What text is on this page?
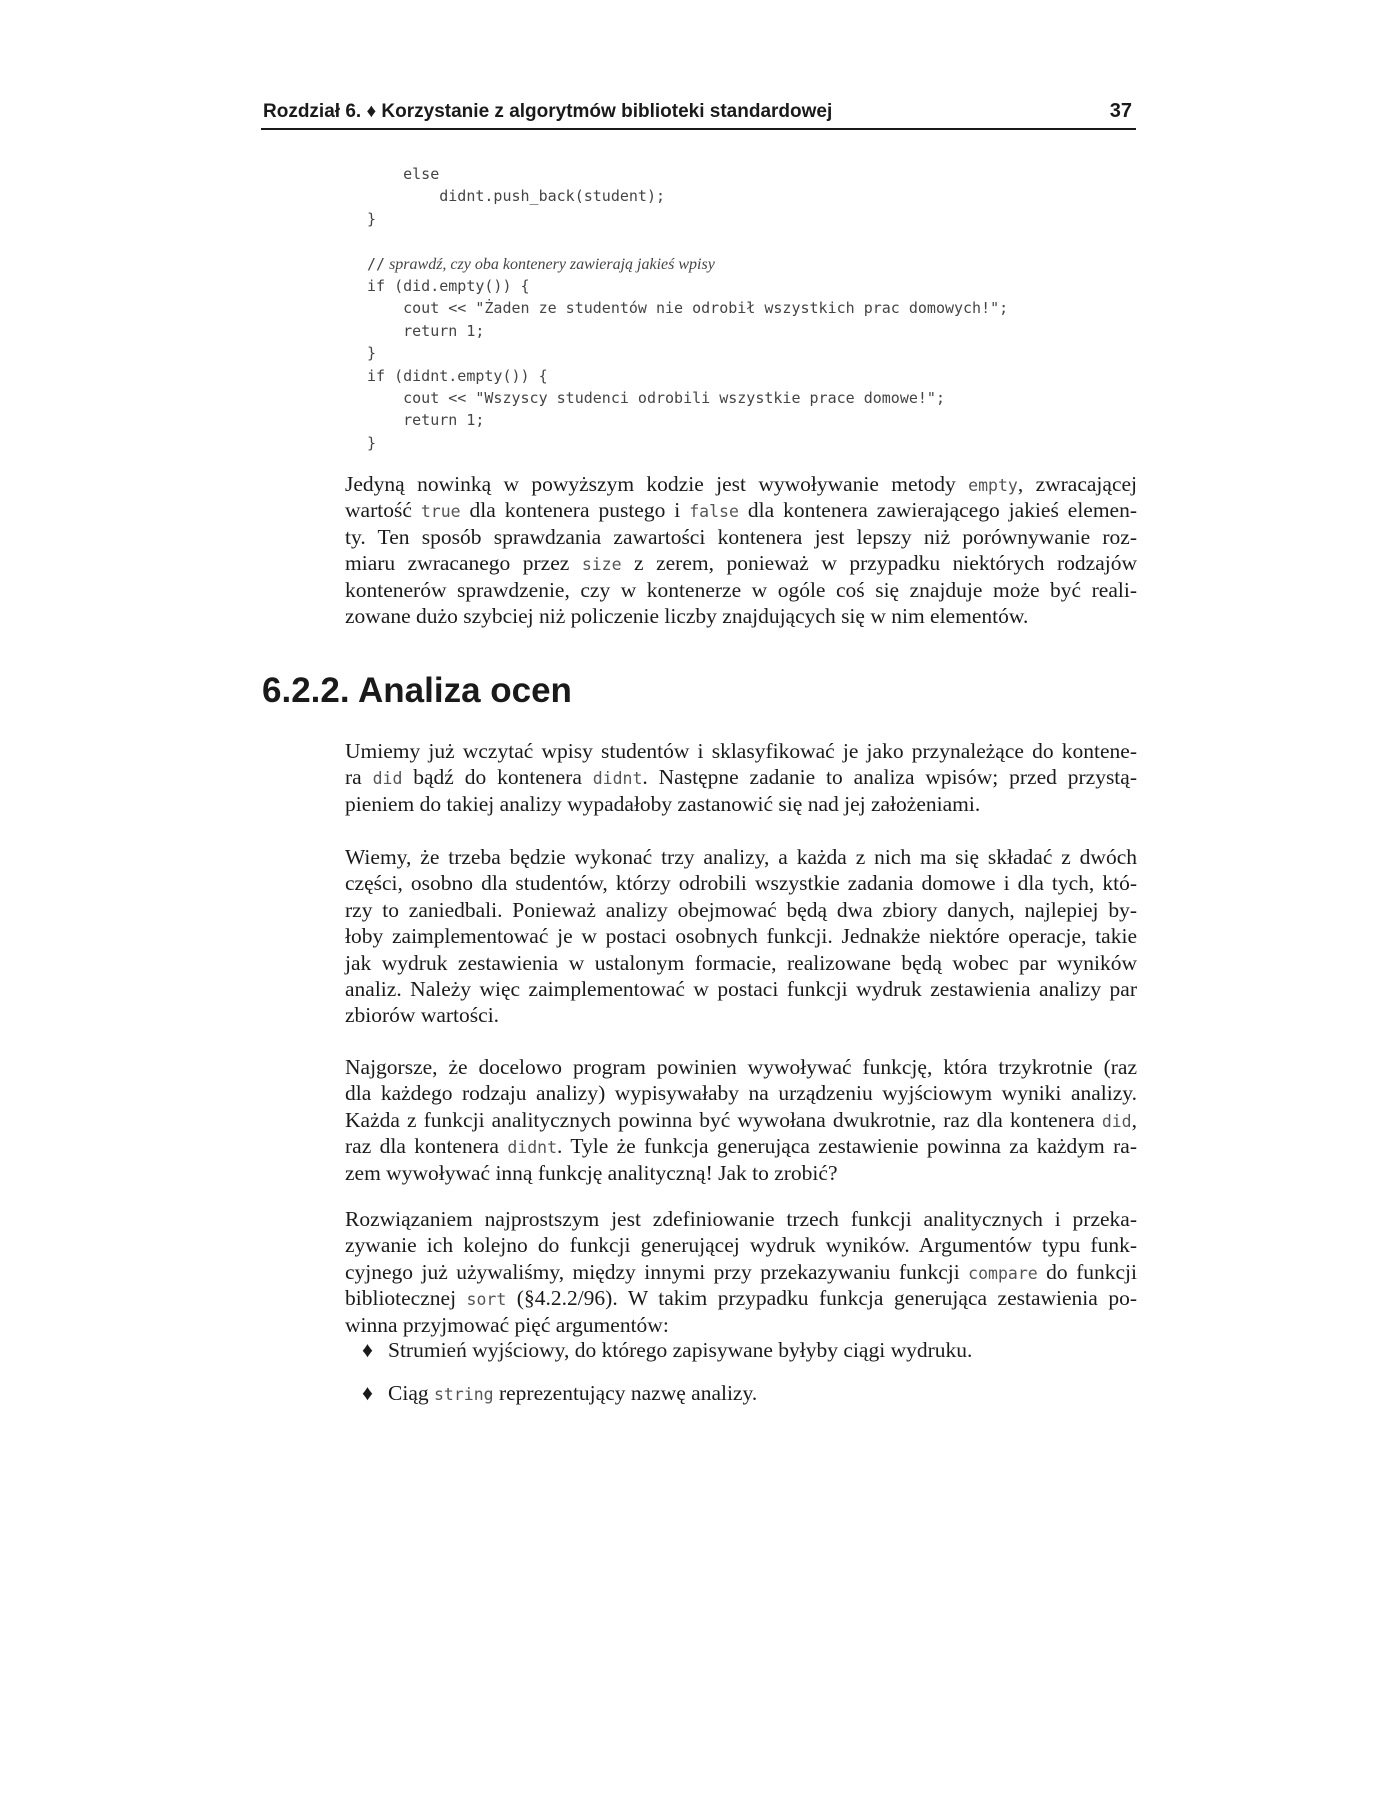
Rozdział 6. ♦ Korzystanie z algorytmów biblioteki standardowej	37
else
didnt.push_back(student);
}
// sprawdź, czy oba kontenery zawierają jakieś wpisy
if (did.empty()) {
cout << "Żaden ze studentów nie odrobił wszystkich prac domowych!";
return 1;
}
if (didnt.empty()) {
cout << "Wszyscy studenci odrobili wszystkie prace domowe!";
return 1;
}
Jedyną nowinką w powyższym kodzie jest wywoływanie metody empty, zwracającej
wartość true dla kontenera pustego i false dla kontenera zawierającego jakieś elemen-
ty. Ten sposób sprawdzania zawartości kontenera jest lepszy niż porównywanie roz-
miaru zwracanego przez size z zerem, ponieważ w przypadku niektórych rodzajów
kontenerów sprawdzenie, czy w kontenerze w ogóle coś się znajduje może być reali-
zowane dużo szybciej niż policzenie liczby znajdujących się w nim elementów.
6.2.2. Analiza ocen
Umiemy już wczytać wpisy studentów i sklasyfikować je jako przynależące do kontene-
ra did bądź do kontenera didnt. Następne zadanie to analiza wpisów; przed przystą-
pieniem do takiej analizy wypadałoby zastanowić się nad jej założeniami.
Wiemy, że trzeba będzie wykonać trzy analizy, a każda z nich ma się składać z dwóch
części, osobno dla studentów, którzy odrobili wszystkie zadania domowe i dla tych, któ-
rzy to zaniedbali. Ponieważ analizy obejmować będą dwa zbiory danych, najlepiej by-
łoby zaimplementować je w postaci osobnych funkcji. Jednakże niektóre operacje, takie
jak wydruk zestawienia w ustalonym formacie, realizowane będą wobec par wyników
analiz. Należy więc zaimplementować w postaci funkcji wydruk zestawienia analizy par
zbiorów wartości.
Najgorsze, że docelowo program powinien wywoływać funkcję, która trzykrotnie (raz
dla każdego rodzaju analizy) wypisywałaby na urządzeniu wyjściowym wyniki analizy.
Każda z funkcji analitycznych powinna być wywołana dwukrotnie, raz dla kontenera did,
raz dla kontenera didnt. Tyle że funkcja generująca zestawienie powinna za każdym ra-
zem wywoływać inną funkcję analityczną! Jak to zrobić?
Rozwiązaniem najprostszym jest zdefiniowanie trzech funkcji analitycznych i przeka-
zywanie ich kolejno do funkcji generującej wydruk wyników. Argumentów typu funk-
cyjnego już używaliśmy, między innymi przy przekazywaniu funkcji compare do funkcji
bibliotecznej sort (§4.2.2/96). W takim przypadku funkcja generująca zestawienia po-
winna przyjmować pięć argumentów:
♦ Strumień wyjściowy, do którego zapisywane byłyby ciągi wydruku.
♦ Ciąg string reprezentujący nazwę analizy.
